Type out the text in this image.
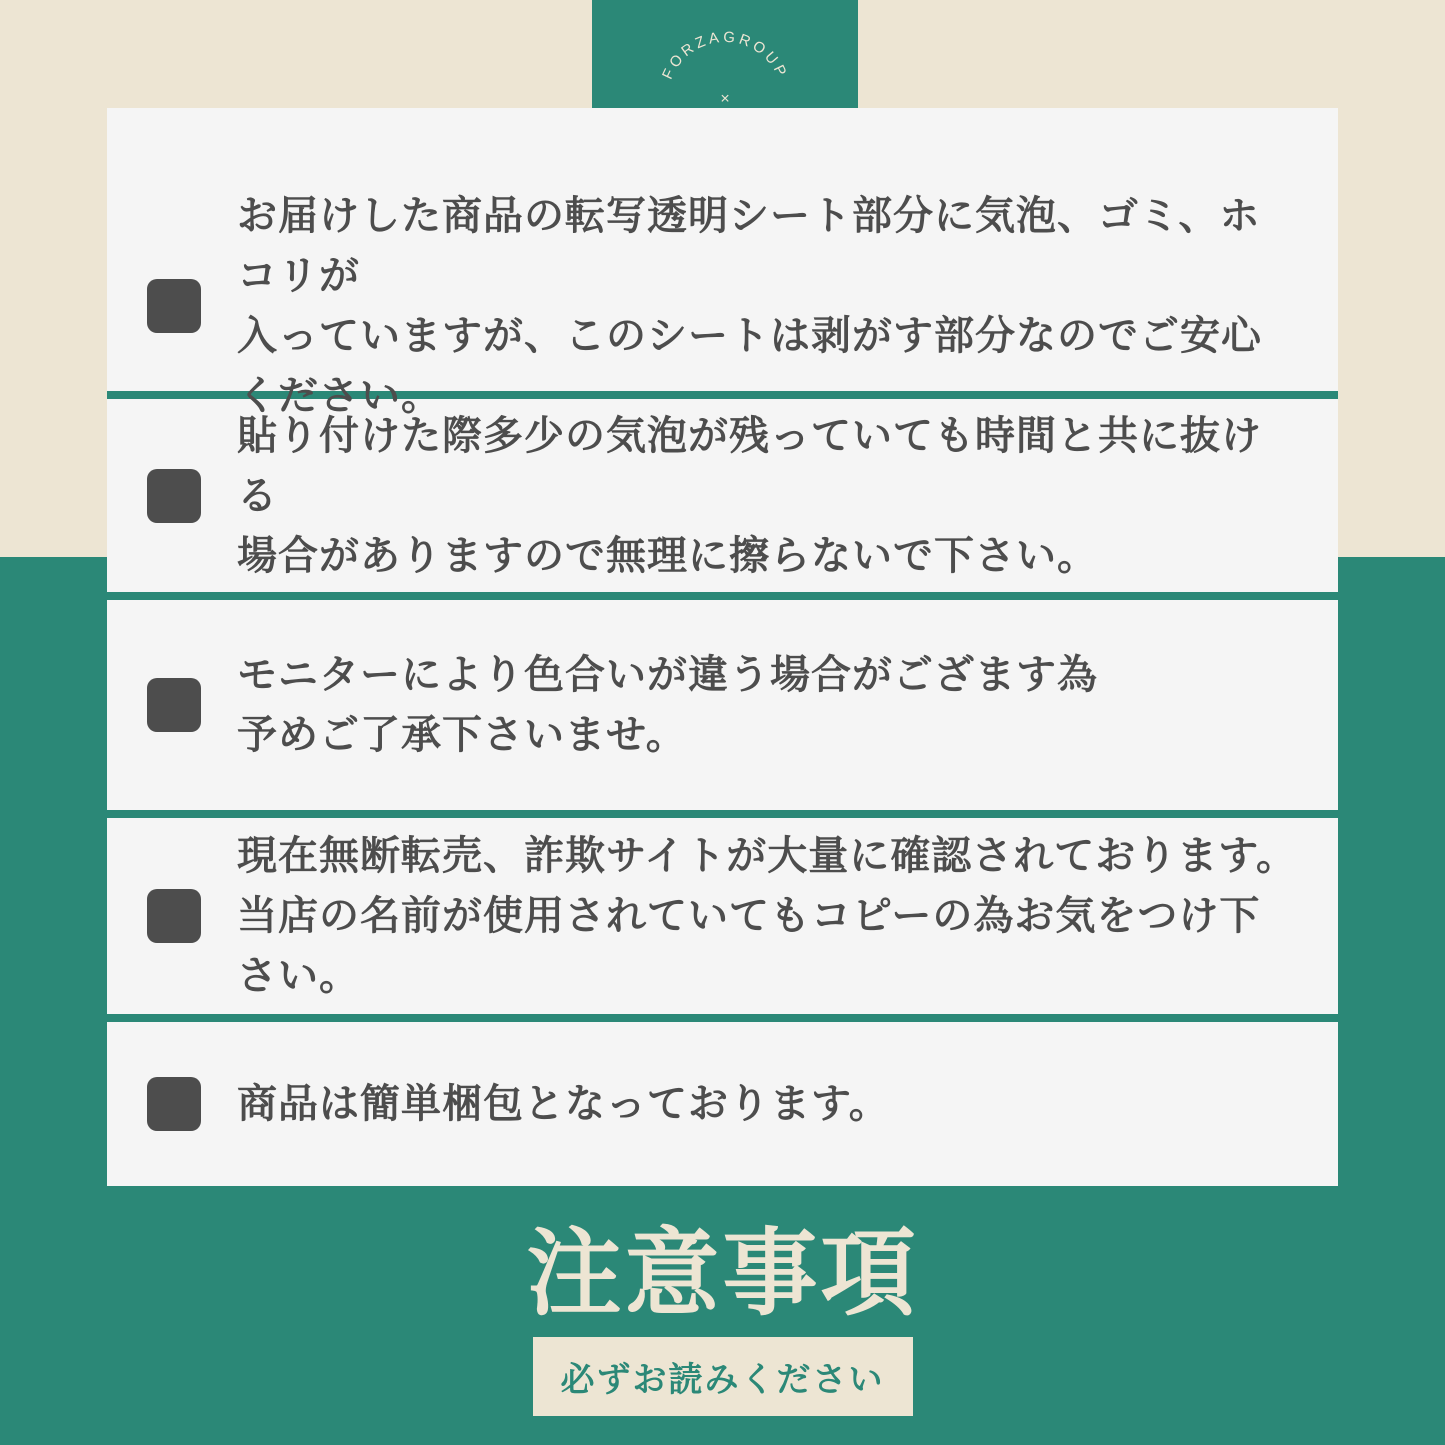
FORZAGROUP
×
お届けした商品の転写透明シート部分に気泡、ゴミ、ホコリが
入っていますが、このシートは剥がす部分なのでご安心ください。
貼り付けた際多少の気泡が残っていても時間と共に抜ける
場合がありますので無理に擦らないで下さい。
モニターにより色合いが違う場合がござます為
予めご了承下さいませ。
現在無断転売、詐欺サイトが大量に確認されております。
当店の名前が使用されていてもコピーの為お気をつけ下さい。
商品は簡単梱包となっております。
注意事項
必ずお読みください
